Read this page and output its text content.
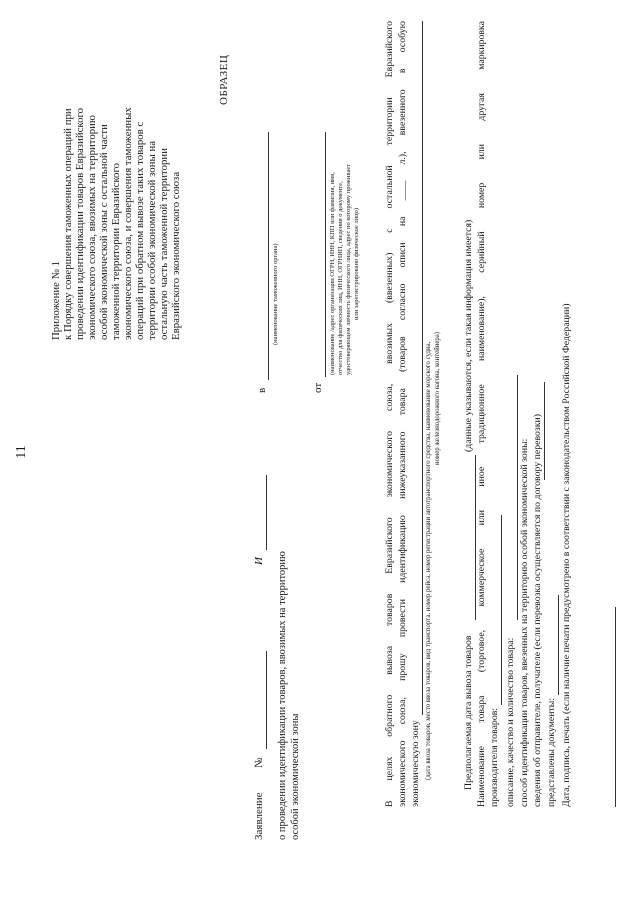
11
Приложение № 1 к Порядку совершения таможенных операций при проведении идентификации товаров Евразийского экономического союза, ввозимых на территорию особой экономической зоны с остальной части таможенной территории Евразийского экономического союза, и совершения таможенных операций при обратном вывозе таких товаров с территории особой экономической зоны на остальную часть таможенной территории Евразийского экономического союза
ОБРАЗЕЦ
в
(наименование таможенного органа)
от
(наименование /адрес организации ОГРН, ИНН, КПП или фамилия, имя, отчество для физических лиц, ИНН, ОГРНИП, сведения о документе, удостоверяющем личность физического лица, адрес по которому проживает или зарегистрировано физическое лицо)
Заявление
№
И о проведении идентификации товаров, ввозимых на территорию особой экономической зоны	В целях обратного вывоза товаров Евразийского экономического союза, ввозимых (ввезенных) с остальной территории Евразийского экономического союза, прошу провести идентификацию нижеуказанного товара (товаров согласно описи на ____ л.), ввезенного в особую экономическую зону (дата ввоза товаров, место ввоза товаров, вид транспорта, номер рейса, номер регистрации автотранспортного средства, наименование морского судна, номер железнодорожного вагона, контейнера)
Предполагаемая дата вывоза товаров
(данные указываются, если такая информация имеется) Наименование товара (торговое, коммерческое или иное традиционное наименование), серийный номер или другая маркировка производителя товаров: описание, качество и количество товара: способ идентификации товаров, ввезенных на территорию особой экономической зоны: сведения об отправителе, получателе (если перевозка осуществляется по договору перевозки) представлены документы: Дата, подпись, печать (если наличие печати предусмотрено в соответствии с законодательством Российской Федерации)
